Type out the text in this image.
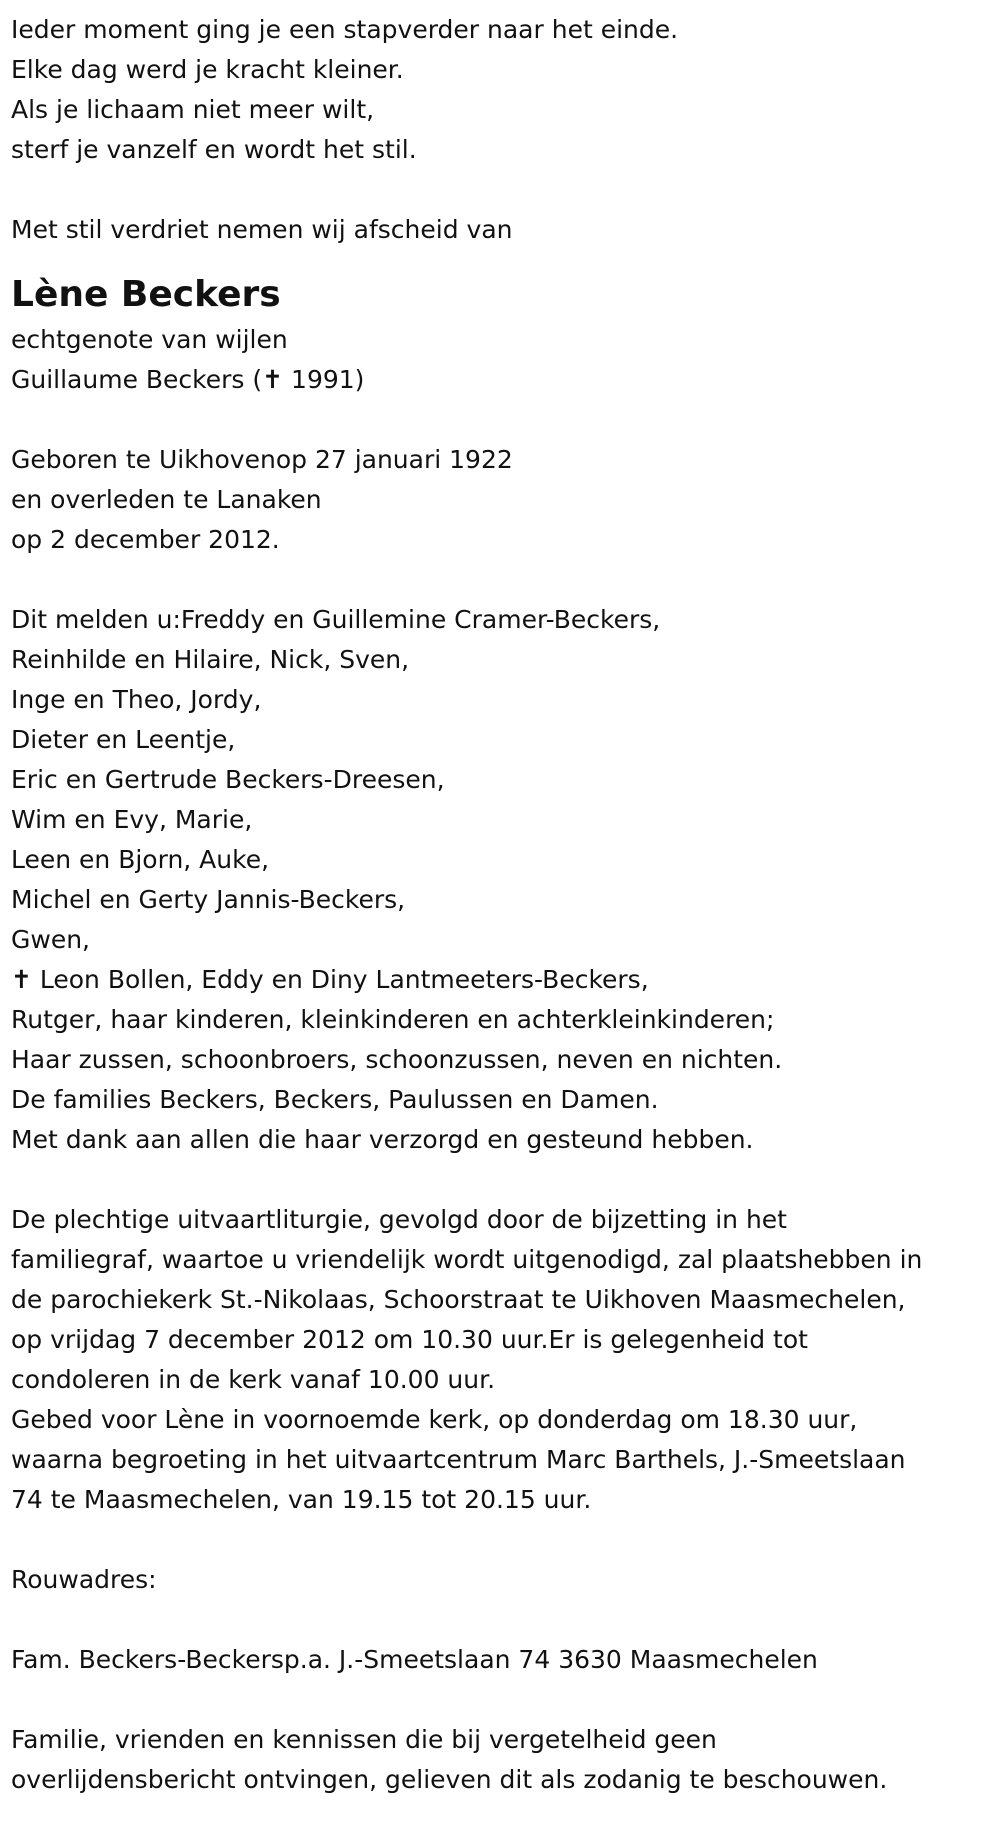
Ieder moment ging je een stapverder naar het einde.
Elke dag werd je kracht kleiner.
Als je lichaam niet meer wilt,
sterf je vanzelf en wordt het stil.
Met stil verdriet nemen wij afscheid van
Lène Beckers
echtgenote van wijlen
Guillaume Beckers (✝ 1991)
Geboren te Uikhovenop 27 januari 1922
en overleden te Lanaken
op 2 december 2012.
Dit melden u:Freddy en Guillemine Cramer-Beckers,
Reinhilde en Hilaire, Nick, Sven,
Inge en Theo, Jordy,
Dieter en Leentje,
Eric en Gertrude Beckers-Dreesen,
Wim en Evy, Marie,
Leen en Bjorn, Auke,
Michel en Gerty Jannis-Beckers,
Gwen,
✝ Leon Bollen, Eddy en Diny Lantmeeters-Beckers,
Rutger, haar kinderen, kleinkinderen en achterkleinkinderen;
Haar zussen, schoonbroers, schoonzussen, neven en nichten.
De families Beckers, Beckers, Paulussen en Damen.
Met dank aan allen die haar verzorgd en gesteund hebben.
De plechtige uitvaartliturgie, gevolgd door de bijzetting in het
familiegraf, waartoe u vriendelijk wordt uitgenodigd, zal plaatshebben in
de parochiekerk St.-Nikolaas, Schoorstraat te Uikhoven Maasmechelen,
op vrijdag 7 december 2012 om 10.30 uur.Er is gelegenheid tot
condoleren in de kerk vanaf 10.00 uur.
Gebed voor Lène in voornoemde kerk, op donderdag om 18.30 uur,
waarna begroeting in het uitvaartcentrum Marc Barthels, J.-Smeetslaan
74 te Maasmechelen, van 19.15 tot 20.15 uur.
Rouwadres:
Fam. Beckers-Beckersp.a. J.-Smeetslaan 74 3630 Maasmechelen
Familie, vrienden en kennissen die bij vergetelheid geen
overlijdensbericht ontvingen, gelieven dit als zodanig te beschouwen.
